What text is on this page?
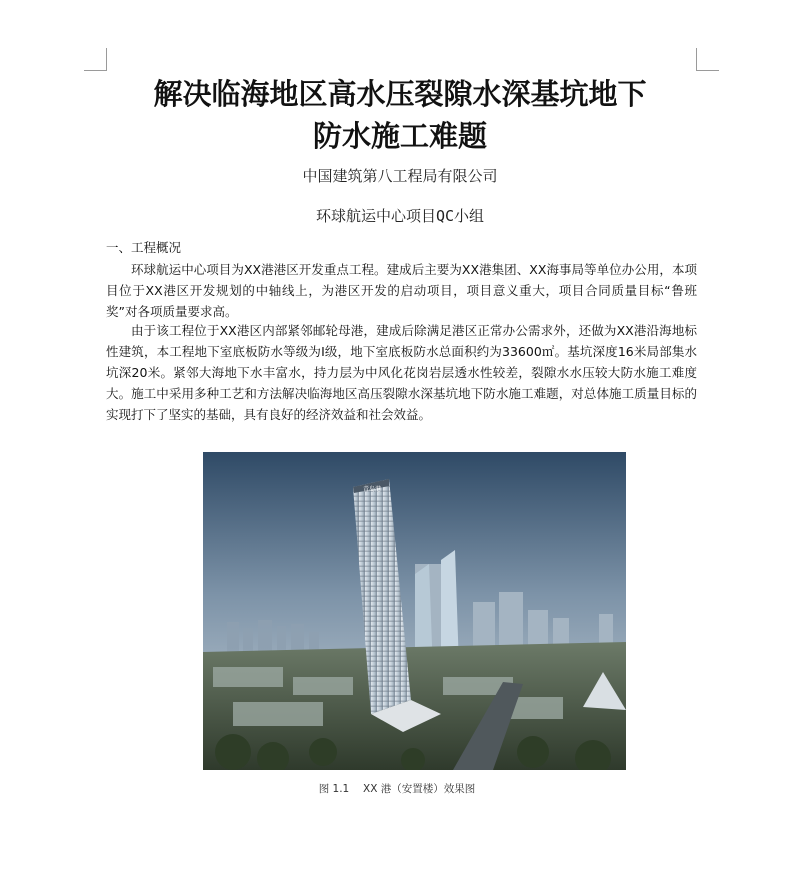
解决临海地区高水压裂隙水深基坑地下
防水施工难题
中国建筑第八工程局有限公司
环球航运中心项目QC小组
一、工程概况

环球航运中心项目为XX港港区开发重点工程。建成后主要为XX港集团、XX海事局等单位办公用，本项目位于XX港区开发规划的中轴线上，为港区开发的启动项目，项目意义重大，项目合同质量目标“鲁班奖”对各项质量要求高。

由于该工程位于XX港区内部紧邻邮轮母港，建成后除满足港区正常办公需求外，还做为XX港沿海地标性建筑，本工程地下室底板防水等级为Ⅰ级，地下室底板防水总面积约为33600㎡。基坑深度16米局部集水坑深20米。紧邻大海地下水丰富水，持力层为中风化花岗岩层透水性较差，裂隙水水压较大防水施工难度大。施工中采用多种工艺和方法解决临海地区高压裂隙水深基坑地下防水施工难题，对总体施工质量目标的实现打下了坚实的基础，具有良好的经济效益和社会效益。

青岛港
图 1.1　 XX 港（安置楼）效果图
